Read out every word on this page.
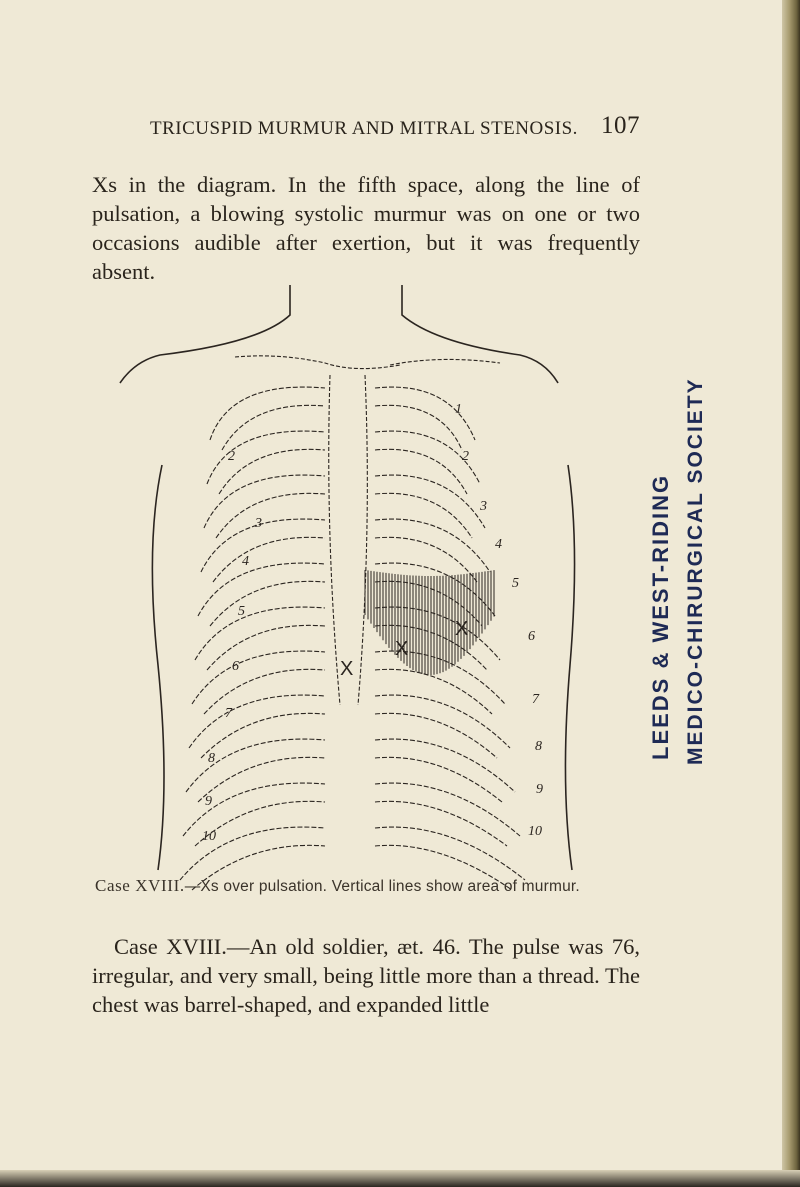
TRICUSPID MURMUR AND MITRAL STENOSIS. 107

Xs in the diagram. In the fifth space, along the line of pulsation, a blowing systolic murmur was on one or two occasions audible after exertion, but it was frequently absent.

2
3
4
5
6
7
8
9
10
1
2
3
4
5
6
7
8
9
10
X
X
X
Case XVIII.—Xs over pulsation. Vertical lines show area of murmur.

Case XVIII.—An old soldier, æt. 46. The pulse was 76, irregular, and very small, being little more than a thread. The chest was barrel-shaped, and expanded little

LEEDS & WEST-RIDING MEDICO-CHIRURGICAL SOCIETY
